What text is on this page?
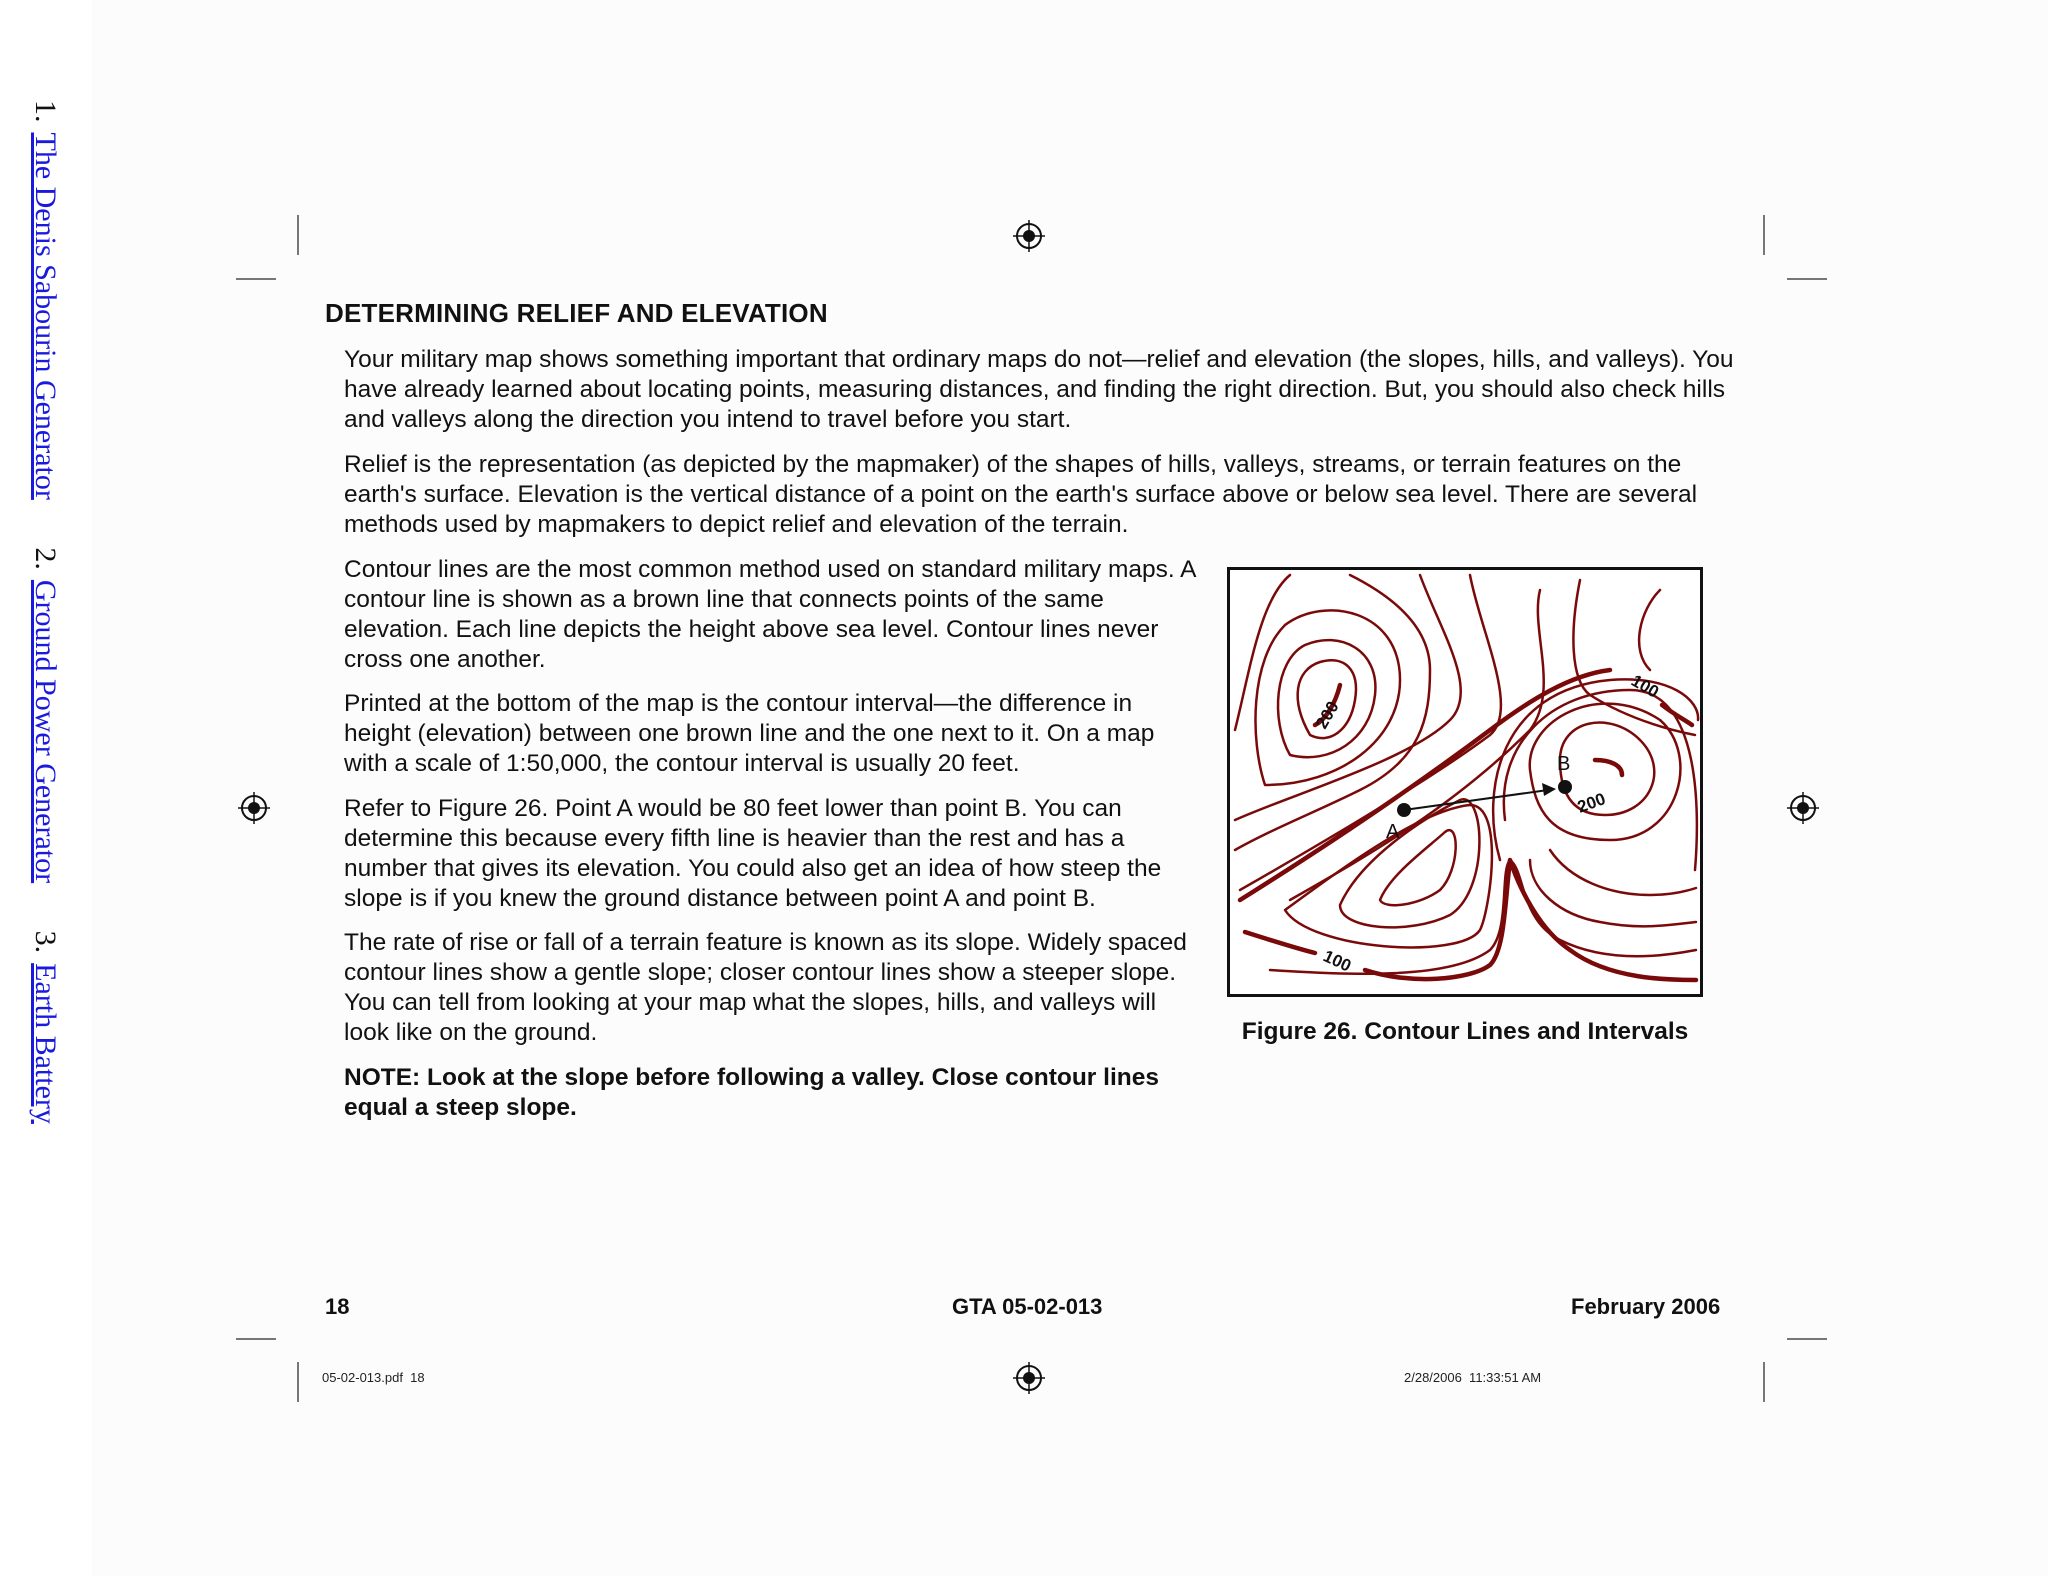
1.The Denis Sabourin Generator 2.Ground Power Generator 3.Earth Battery
DETERMINING RELIEF AND ELEVATION

Your military map shows something important that ordinary maps do not—relief and elevation (the slopes, hills, and valleys). You have already learned about locating points, measuring distances, and finding the right direction. But, you should also check hills and valleys along the direction you intend to travel before you start.

Relief is the representation (as depicted by the mapmaker) of the shapes of hills, valleys, streams, or terrain features on the earth's surface. Elevation is the vertical distance of a point on the earth's surface above or below sea level. There are several methods used by mapmakers to depict relief and elevation of the terrain.

Contour lines are the most common method used on standard military maps. A contour line is shown as a brown line that connects points of the same elevation. Each line depicts the height above sea level. Contour lines never cross one another.

Printed at the bottom of the map is the contour interval—the difference in height (elevation) between one brown line and the one next to it. On a map with a scale of 1:50,000, the contour interval is usually 20 feet.

Refer to Figure 26. Point A would be 80 feet lower than point B. You can determine this because every fifth line is heavier than the rest and has a number that gives its elevation. You could also get an idea of how steep the slope is if you knew the ground distance between point A and point B.

The rate of rise or fall of a terrain feature is known as its slope. Widely spaced contour lines show a gentle slope; closer contour lines show a steeper slope. You can tell from looking at your map what the slopes, hills, and valleys will look like on the ground.

NOTE: Look at the slope before following a valley. Close contour lines equal a steep slope.

100
100
200
200
A
B
Figure 26. Contour Lines and Intervals
18	GTA 05-02-013	February 2006
05-02-013.pdf  18	2/28/2006  11:33:51 AM
